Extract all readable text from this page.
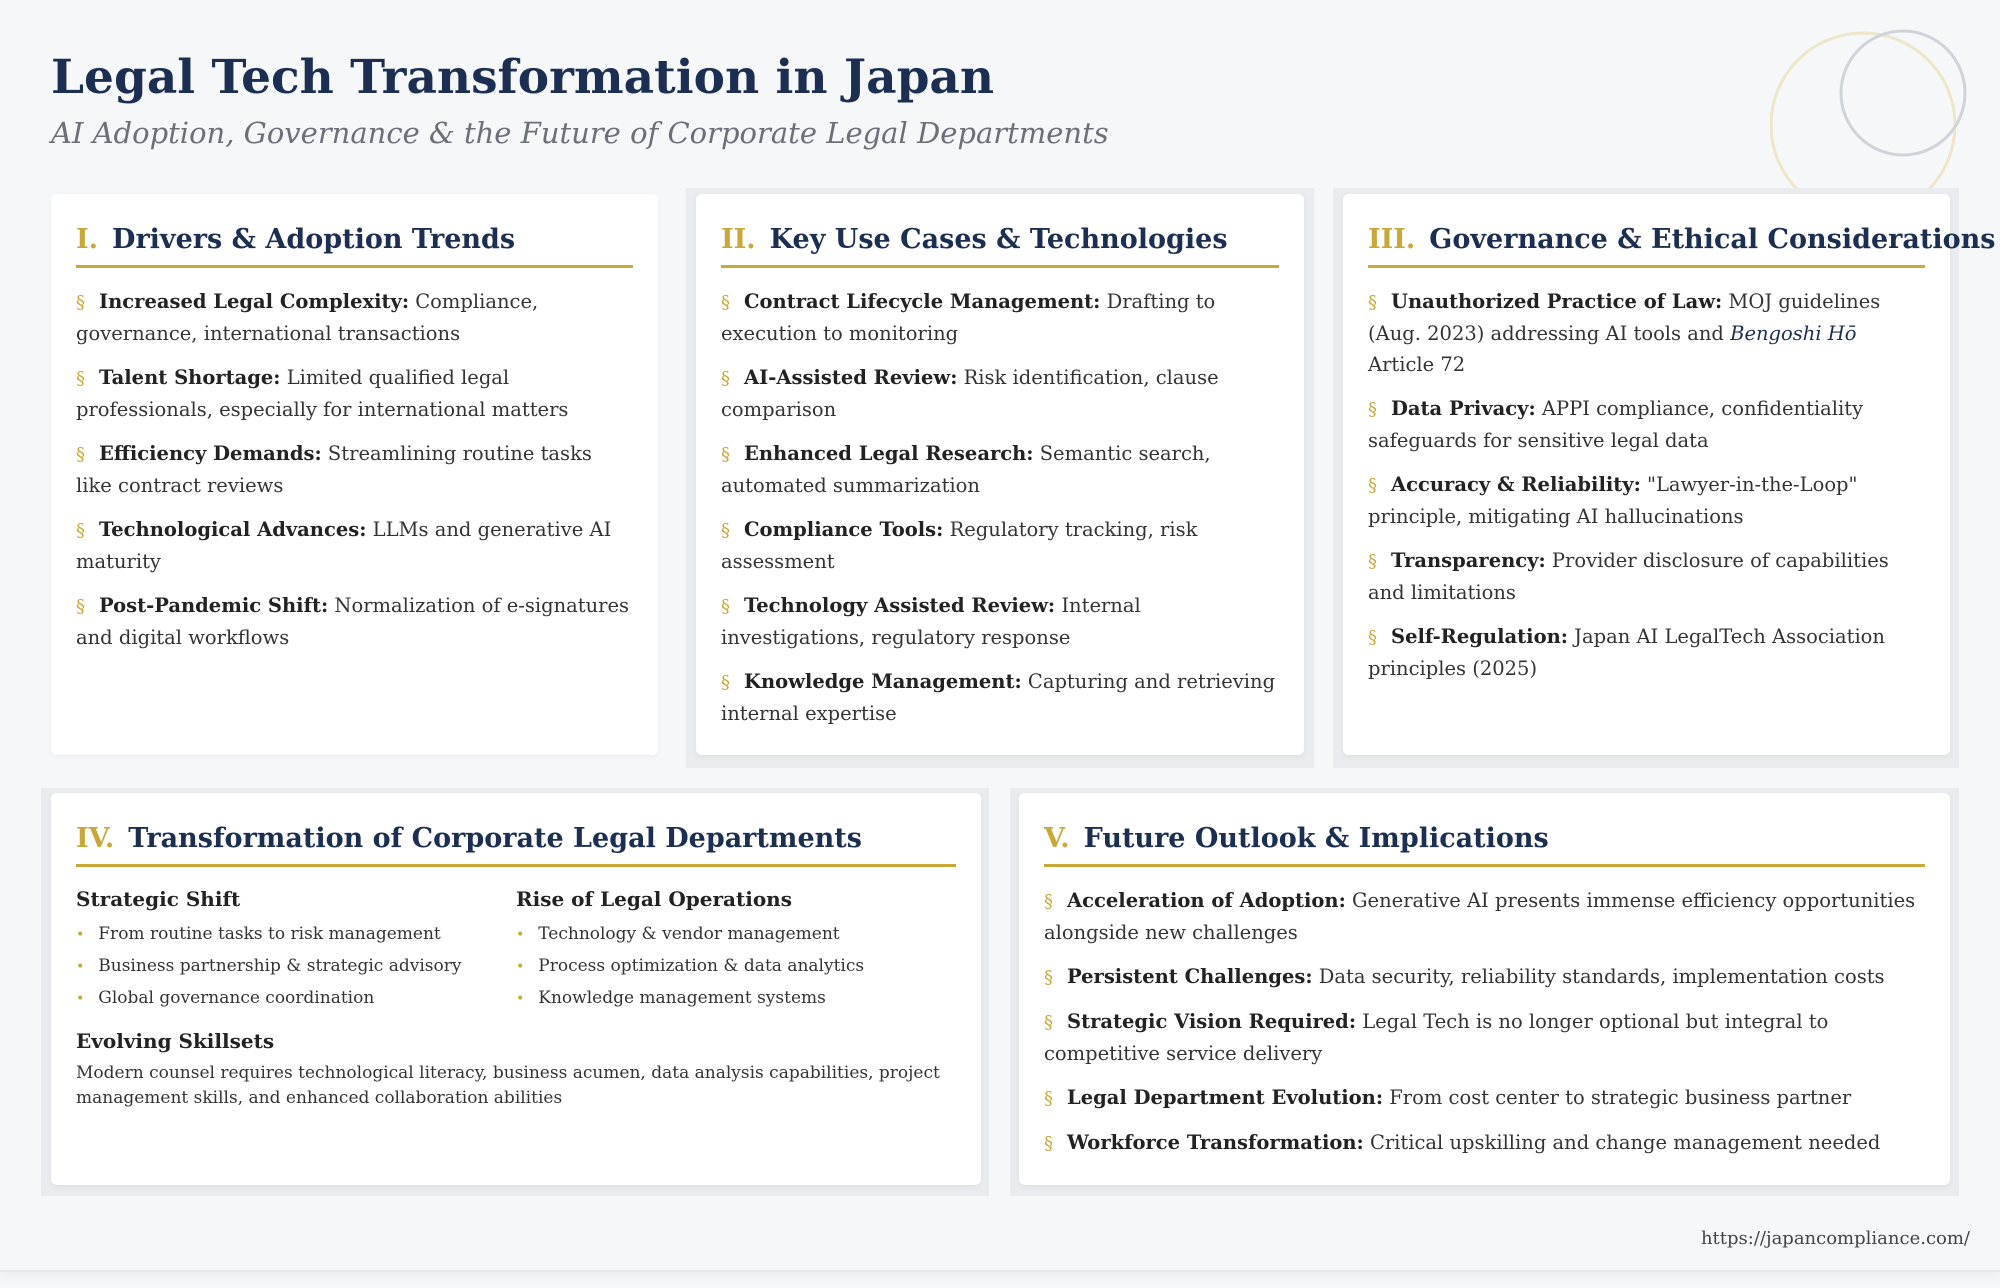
Legal Tech Transformation in Japan
AI Adoption, Governance & the Future of Corporate Legal Departments
I. Drivers & Adoption Trends
§ Increased Legal Complexity: Compliance, governance, international transactions
§ Talent Shortage: Limited qualified legal professionals, especially for international matters
§ Efficiency Demands: Streamlining routine tasks like contract reviews
§ Technological Advances: LLMs and generative AI maturity
§ Post-Pandemic Shift: Normalization of e-signatures and digital workflows
II. Key Use Cases & Technologies
§ Contract Lifecycle Management: Drafting to execution to monitoring
§ AI-Assisted Review: Risk identification, clause comparison
§ Enhanced Legal Research: Semantic search, automated summarization
§ Compliance Tools: Regulatory tracking, risk assessment
§ Technology Assisted Review: Internal investigations, regulatory response
§ Knowledge Management: Capturing and retrieving internal expertise
III. Governance & Ethical Considerations
§ Unauthorized Practice of Law: MOJ guidelines (Aug. 2023) addressing AI tools and Bengoshi Hō Article 72
§ Data Privacy: APPI compliance, confidentiality safeguards for sensitive legal data
§ Accuracy & Reliability: "Lawyer-in-the-Loop" principle, mitigating AI hallucinations
§ Transparency: Provider disclosure of capabilities and limitations
§ Self-Regulation: Japan AI LegalTech Association principles (2025)
IV. Transformation of Corporate Legal Departments
Strategic Shift
• From routine tasks to risk management
• Business partnership & strategic advisory
• Global governance coordination
Rise of Legal Operations
• Technology & vendor management
• Process optimization & data analytics
• Knowledge management systems
Evolving Skillsets
Modern counsel requires technological literacy, business acumen, data analysis capabilities, project management skills, and enhanced collaboration abilities
V. Future Outlook & Implications
§ Acceleration of Adoption: Generative AI presents immense efficiency opportunities alongside new challenges
§ Persistent Challenges: Data security, reliability standards, implementation costs
§ Strategic Vision Required: Legal Tech is no longer optional but integral to competitive service delivery
§ Legal Department Evolution: From cost center to strategic business partner
§ Workforce Transformation: Critical upskilling and change management needed
https://japancompliance.com/
